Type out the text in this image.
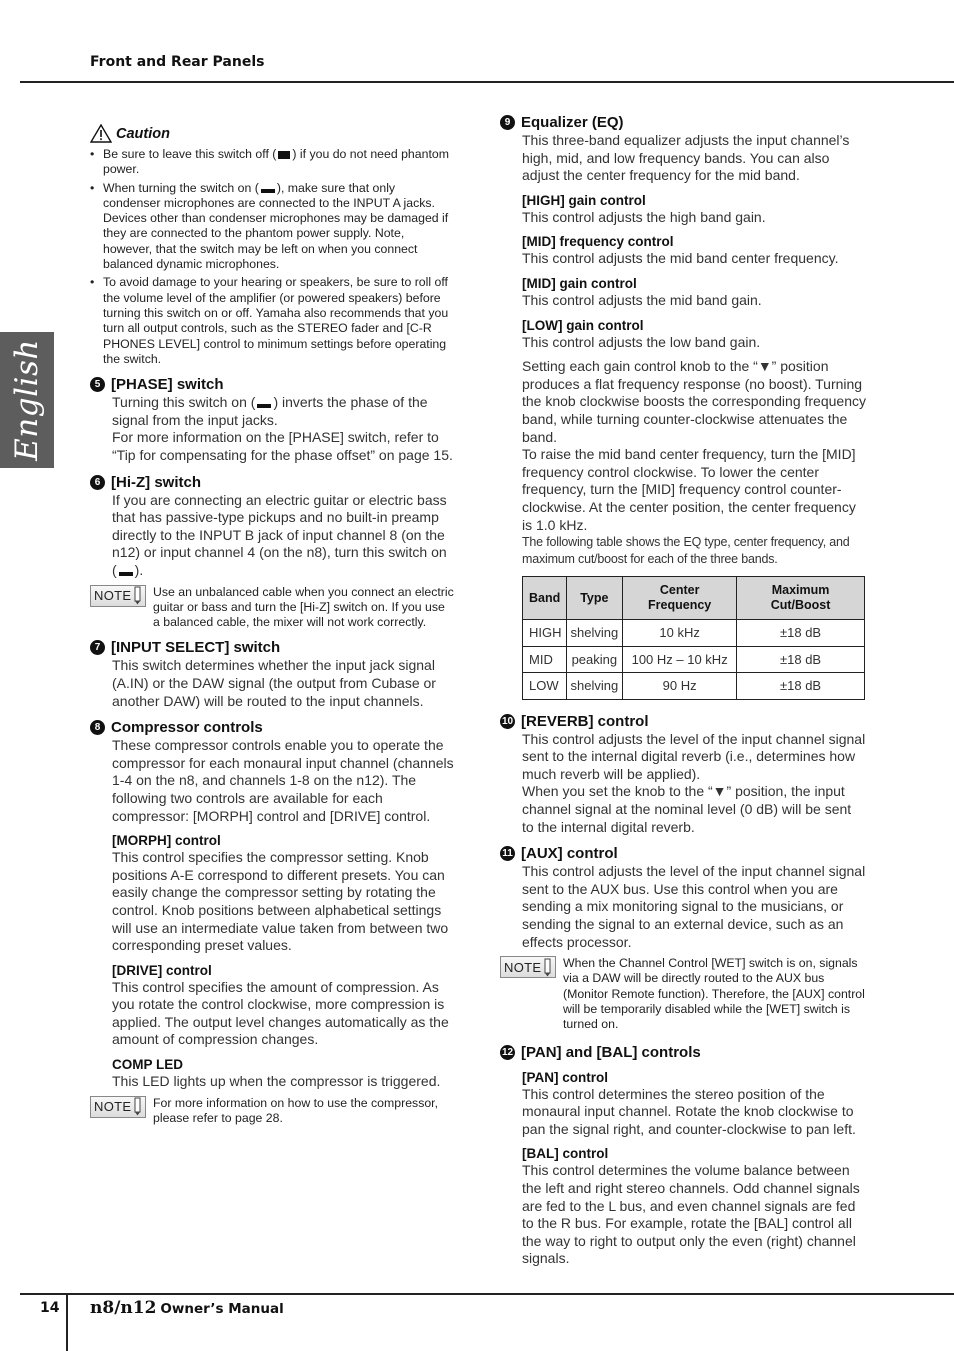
Front and Rear Panels
English
Caution
• Be sure to leave this switch off ( ) if you do not need phantom power.
• When turning the switch on ( ), make sure that only condenser microphones are connected to the INPUT A jacks. Devices other than condenser microphones may be damaged if they are connected to the phantom power supply. Note, however, that the switch may be left on when you connect balanced dynamic microphones.
• To avoid damage to your hearing or speakers, be sure to roll off the volume level of the amplifier (or powered speakers) before turning this switch on or off. Yamaha also recommends that you turn all output controls, such as the STEREO fader and [C-R PHONES LEVEL] control to minimum settings before operating the switch.
5 [PHASE] switch

Turning this switch on ( ) inverts the phase of the signal from the input jacks.

For more information on the [PHASE] switch, refer to “Tip for compensating for the phase offset” on page 15.

6 [Hi-Z] switch

If you are connecting an electric guitar or electric bass that has passive-type pickups and no built-in preamp directly to the INPUT B jack of input channel 8 (on the n12) or input channel 4 (on the n8), turn this switch on ( ).

NOTE Use an unbalanced cable when you connect an electric guitar or bass and turn the [Hi-Z] switch on. If you use a balanced cable, the mixer will not work correctly.
7 [INPUT SELECT] switch

This switch determines whether the input jack signal (A.IN) or the DAW signal (the output from Cubase or another DAW) will be routed to the input channels.

8 Compressor controls

These compressor controls enable you to operate the compressor for each monaural input channel (channels 1-4 on the n8, and channels 1-8 on the n12). The following two controls are available for each compressor: [MORPH] control and [DRIVE] control.

[MORPH] control

This control specifies the compressor setting. Knob positions A-E correspond to different presets. You can easily change the compressor setting by rotating the control. Knob positions between alphabetical settings will use an intermediate value taken from between two corresponding preset values.

[DRIVE] control

This control specifies the amount of compression. As you rotate the control clockwise, more compression is applied. The output level changes automatically as the amount of compression changes.

COMP LED

This LED lights up when the compressor is triggered.

NOTE For more information on how to use the compressor, please refer to page 28.
9 Equalizer (EQ)

This three-band equalizer adjusts the input channel’s high, mid, and low frequency bands. You can also adjust the center frequency for the mid band.

[HIGH] gain control

This control adjusts the high band gain.

[MID] frequency control

This control adjusts the mid band center frequency.

[MID] gain control

This control adjusts the mid band gain.

[LOW] gain control

This control adjusts the low band gain.

Setting each gain control knob to the “▼” position produces a flat frequency response (no boost). Turning the knob clockwise boosts the corresponding frequency band, while turning counter-clockwise attenuates the band.

To raise the mid band center frequency, turn the [MID] frequency control clockwise. To lower the center frequency, turn the [MID] frequency control counter-clockwise. At the center position, the center frequency is 1.0 kHz.

The following table shows the EQ type, center frequency, and maximum cut/boost for each of the three bands.

Band	Type	Center Frequency	Maximum Cut/Boost
HIGH	shelving	10 kHz	±18 dB
MID	peaking	100 Hz – 10 kHz	±18 dB
LOW	shelving	90 Hz	±18 dB
10 [REVERB] control

This control adjusts the level of the input channel signal sent to the internal digital reverb (i.e., determines how much reverb will be applied).

When you set the knob to the “▼” position, the input channel signal at the nominal level (0 dB) will be sent to the internal digital reverb.

11 [AUX] control

This control adjusts the level of the input channel signal sent to the AUX bus. Use this control when you are sending a mix monitoring signal to the musicians, or sending the signal to an external device, such as an effects processor.

NOTE When the Channel Control [WET] switch is on, signals via a DAW will be directly routed to the AUX bus (Monitor Remote function). Therefore, the [AUX] control will be temporarily disabled while the [WET] switch is turned on.
12 [PAN] and [BAL] controls
[PAN] control

This control determines the stereo position of the monaural input channel. Rotate the knob clockwise to pan the signal right, and counter-clockwise to pan left.

[BAL] control

This control determines the volume balance between the left and right stereo channels. Odd channel signals are fed to the L bus, and even channel signals are fed to the R bus. For example, rotate the [BAL] control all the way to right to output only the even (right) channel signals.

14 n8/n12 Owner’s Manual
